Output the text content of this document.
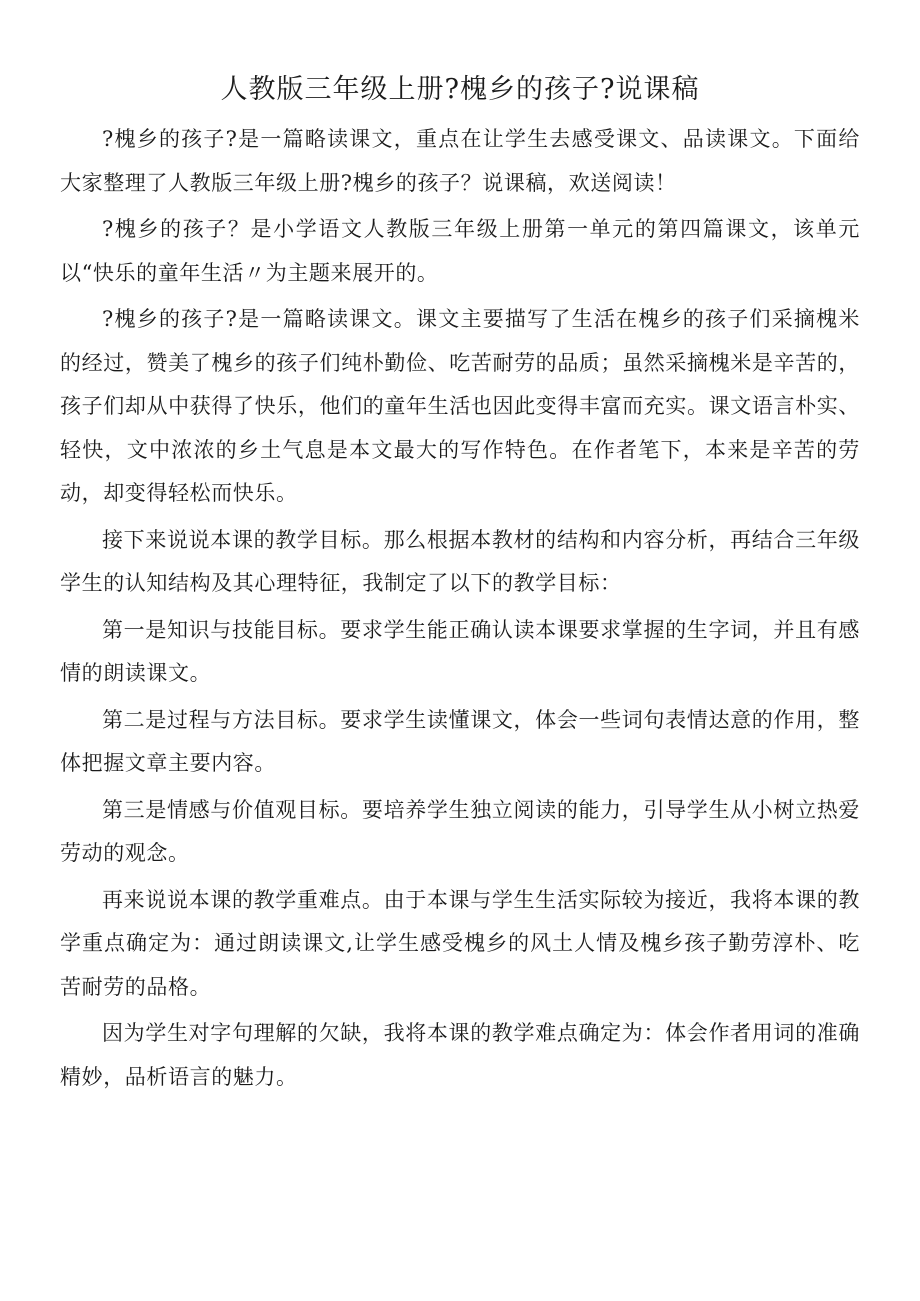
人教版三年级上册?槐乡的孩子?说课稿

?槐乡的孩子?是一篇略读课文，重点在让学生去感受课文、品读课文。下面给大家整理了人教版三年级上册?槐乡的孩子？说课稿，欢送阅读！

?槐乡的孩子？是小学语文人教版三年级上册第一单元的第四篇课文，该单元以“快乐的童年生活〃为主题来展开的。

?槐乡的孩子?是一篇略读课文。课文主要描写了生活在槐乡的孩子们采摘槐米的经过，赞美了槐乡的孩子们纯朴勤俭、吃苦耐劳的品质；虽然采摘槐米是辛苦的，孩子们却从中获得了快乐，他们的童年生活也因此变得丰富而充实。课文语言朴实、轻快，文中浓浓的乡土气息是本文最大的写作特色。在作者笔下，本来是辛苦的劳动，却变得轻松而快乐。

接下来说说本课的教学目标。那么根据本教材的结构和内容分析，再结合三年级学生的认知结构及其心理特征，我制定了以下的教学目标：

第一是知识与技能目标。要求学生能正确认读本课要求掌握的生字词，并且有感情的朗读课文。

第二是过程与方法目标。要求学生读懂课文，体会一些词句表情达意的作用，整体把握文章主要内容。

第三是情感与价值观目标。要培养学生独立阅读的能力，引导学生从小树立热爱劳动的观念。

再来说说本课的教学重难点。由于本课与学生生活实际较为接近，我将本课的教学重点确定为：通过朗读课文,让学生感受槐乡的风土人情及槐乡孩子勤劳淳朴、吃苦耐劳的品格。

因为学生对字句理解的欠缺，我将本课的教学难点确定为：体会作者用词的准确精妙，品析语言的魅力。
